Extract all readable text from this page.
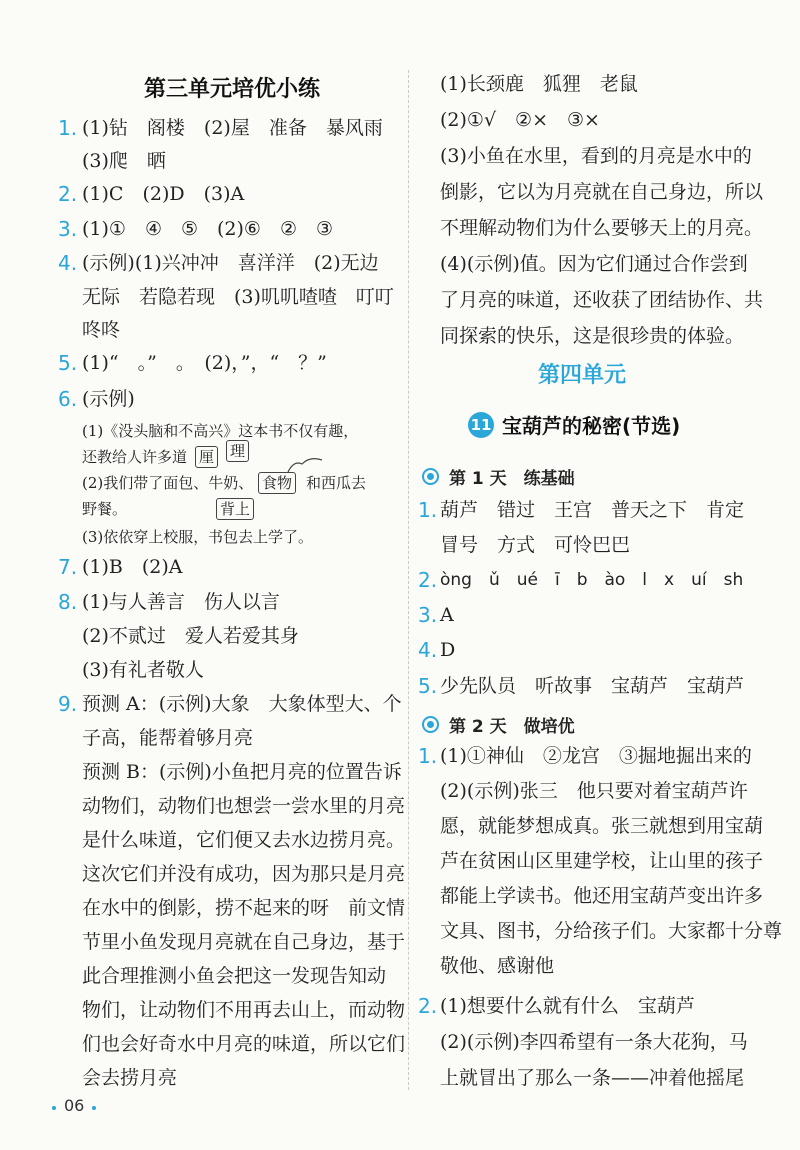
第三单元培优小练
1. (1)钻　阁楼　(2)屋　准备　暴风雨
(3)爬　晒
2. (1)C　(2)D　(3)A
3. (1)①　④　⑤　(2)⑥　②　③
4. (示例)(1)兴冲冲　喜洋洋　(2)无边
无际　若隐若现　(3)叽叽喳喳　叮叮
咚咚
5. (1)“　。”　。　(2)，”，“　？”
6. (示例)
(1)《没头脑和不高兴》这本书不仅有趣，
还教给人许多道 厘 理
(2)我们带了面包、牛奶、 食物 和西瓜去
野餐。	背上
(3)依依穿上校服， 书包去上学了。
7. (1)B　(2)A
8. (1)与人善言　伤人以言
(2)不贰过　爱人若爱其身
(3)有礼者敬人
9. 预测 A：(示例)大象　大象体型大、个
子高，能帮着够月亮
预测 B：(示例)小鱼把月亮的位置告诉
动物们，动物们也想尝一尝水里的月亮
是什么味道，它们便又去水边捞月亮。
这次它们并没有成功，因为那只是月亮
在水中的倒影，捞不起来的呀　前文情
节里小鱼发现月亮就在自己身边，基于
此合理推测小鱼会把这一发现告知动
物们，让动物们不用再去山上，而动物
们也会好奇水中月亮的味道，所以它们
会去捞月亮
(1)长颈鹿　狐狸　老鼠
(2)①√　②×　③×
(3)小鱼在水里，看到的月亮是水中的
倒影，它以为月亮就在自己身边，所以
不理解动物们为什么要够天上的月亮。
(4)(示例)值。因为它们通过合作尝到
了月亮的味道，还收获了团结协作、共
同探索的快乐，这是很珍贵的体验。
第四单元
11 宝葫芦的秘密(节选)
第 1 天　练基础
1. 葫芦　错过　王宫　普天之下　肯定
冒号　方式　可怜巴巴
2. òng　ǔ　ué　ī　b　ào　l　x　uí　sh
3. A
4. D
5. 少先队员　听故事　宝葫芦　宝葫芦
第 2 天　做培优
1. (1)①神仙　②龙宫　③掘地掘出来的
(2)(示例)张三　他只要对着宝葫芦许
愿，就能梦想成真。张三就想到用宝葫
芦在贫困山区里建学校，让山里的孩子
都能上学读书。他还用宝葫芦变出许多
文具、图书，分给孩子们。大家都十分尊
敬他、感谢他
2. (1)想要什么就有什么　宝葫芦
(2)(示例)李四希望有一条大花狗，马
上就冒出了那么一条——冲着他摇尾
06
